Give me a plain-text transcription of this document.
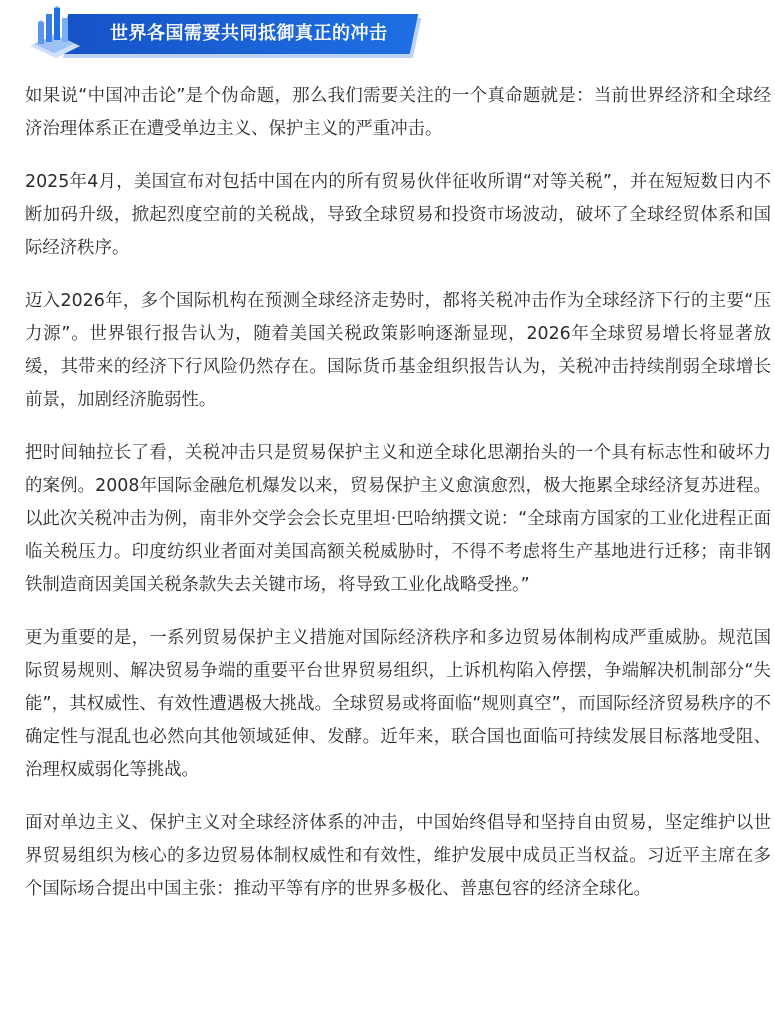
世界各国需要共同抵御真正的冲击

如果说“中国冲击论”是个伪命题，那么我们需要关注的一个真命题就是：当前世界经济和全球经济治理体系正在遭受单边主义、保护主义的严重冲击。

2025年4月，美国宣布对包括中国在内的所有贸易伙伴征收所谓“对等关税”，并在短短数日内不断加码升级，掀起烈度空前的关税战，导致全球贸易和投资市场波动，破坏了全球经贸体系和国际经济秩序。

迈入2026年，多个国际机构在预测全球经济走势时，都将关税冲击作为全球经济下行的主要“压力源”。世界银行报告认为，随着美国关税政策影响逐渐显现，2026年全球贸易增长将显著放缓，其带来的经济下行风险仍然存在。国际货币基金组织报告认为，关税冲击持续削弱全球增长前景，加剧经济脆弱性。

把时间轴拉长了看，关税冲击只是贸易保护主义和逆全球化思潮抬头的一个具有标志性和破坏力的案例。2008年国际金融危机爆发以来，贸易保护主义愈演愈烈，极大拖累全球经济复苏进程。以此次关税冲击为例，南非外交学会会长克里坦·巴哈纳撰文说：“全球南方国家的工业化进程正面临关税压力。印度纺织业者面对美国高额关税威胁时，不得不考虑将生产基地进行迁移；南非钢铁制造商因美国关税条款失去关键市场，将导致工业化战略受挫。”

更为重要的是，一系列贸易保护主义措施对国际经济秩序和多边贸易体制构成严重威胁。规范国际贸易规则、解决贸易争端的重要平台世界贸易组织，上诉机构陷入停摆，争端解决机制部分“失能”，其权威性、有效性遭遇极大挑战。全球贸易或将面临“规则真空”，而国际经济贸易秩序的不确定性与混乱也必然向其他领域延伸、发酵。近年来，联合国也面临可持续发展目标落地受阻、治理权威弱化等挑战。

面对单边主义、保护主义对全球经济体系的冲击，中国始终倡导和坚持自由贸易，坚定维护以世界贸易组织为核心的多边贸易体制权威性和有效性，维护发展中成员正当权益。习近平主席在多个国际场合提出中国主张：推动平等有序的世界多极化、普惠包容的经济全球化。
